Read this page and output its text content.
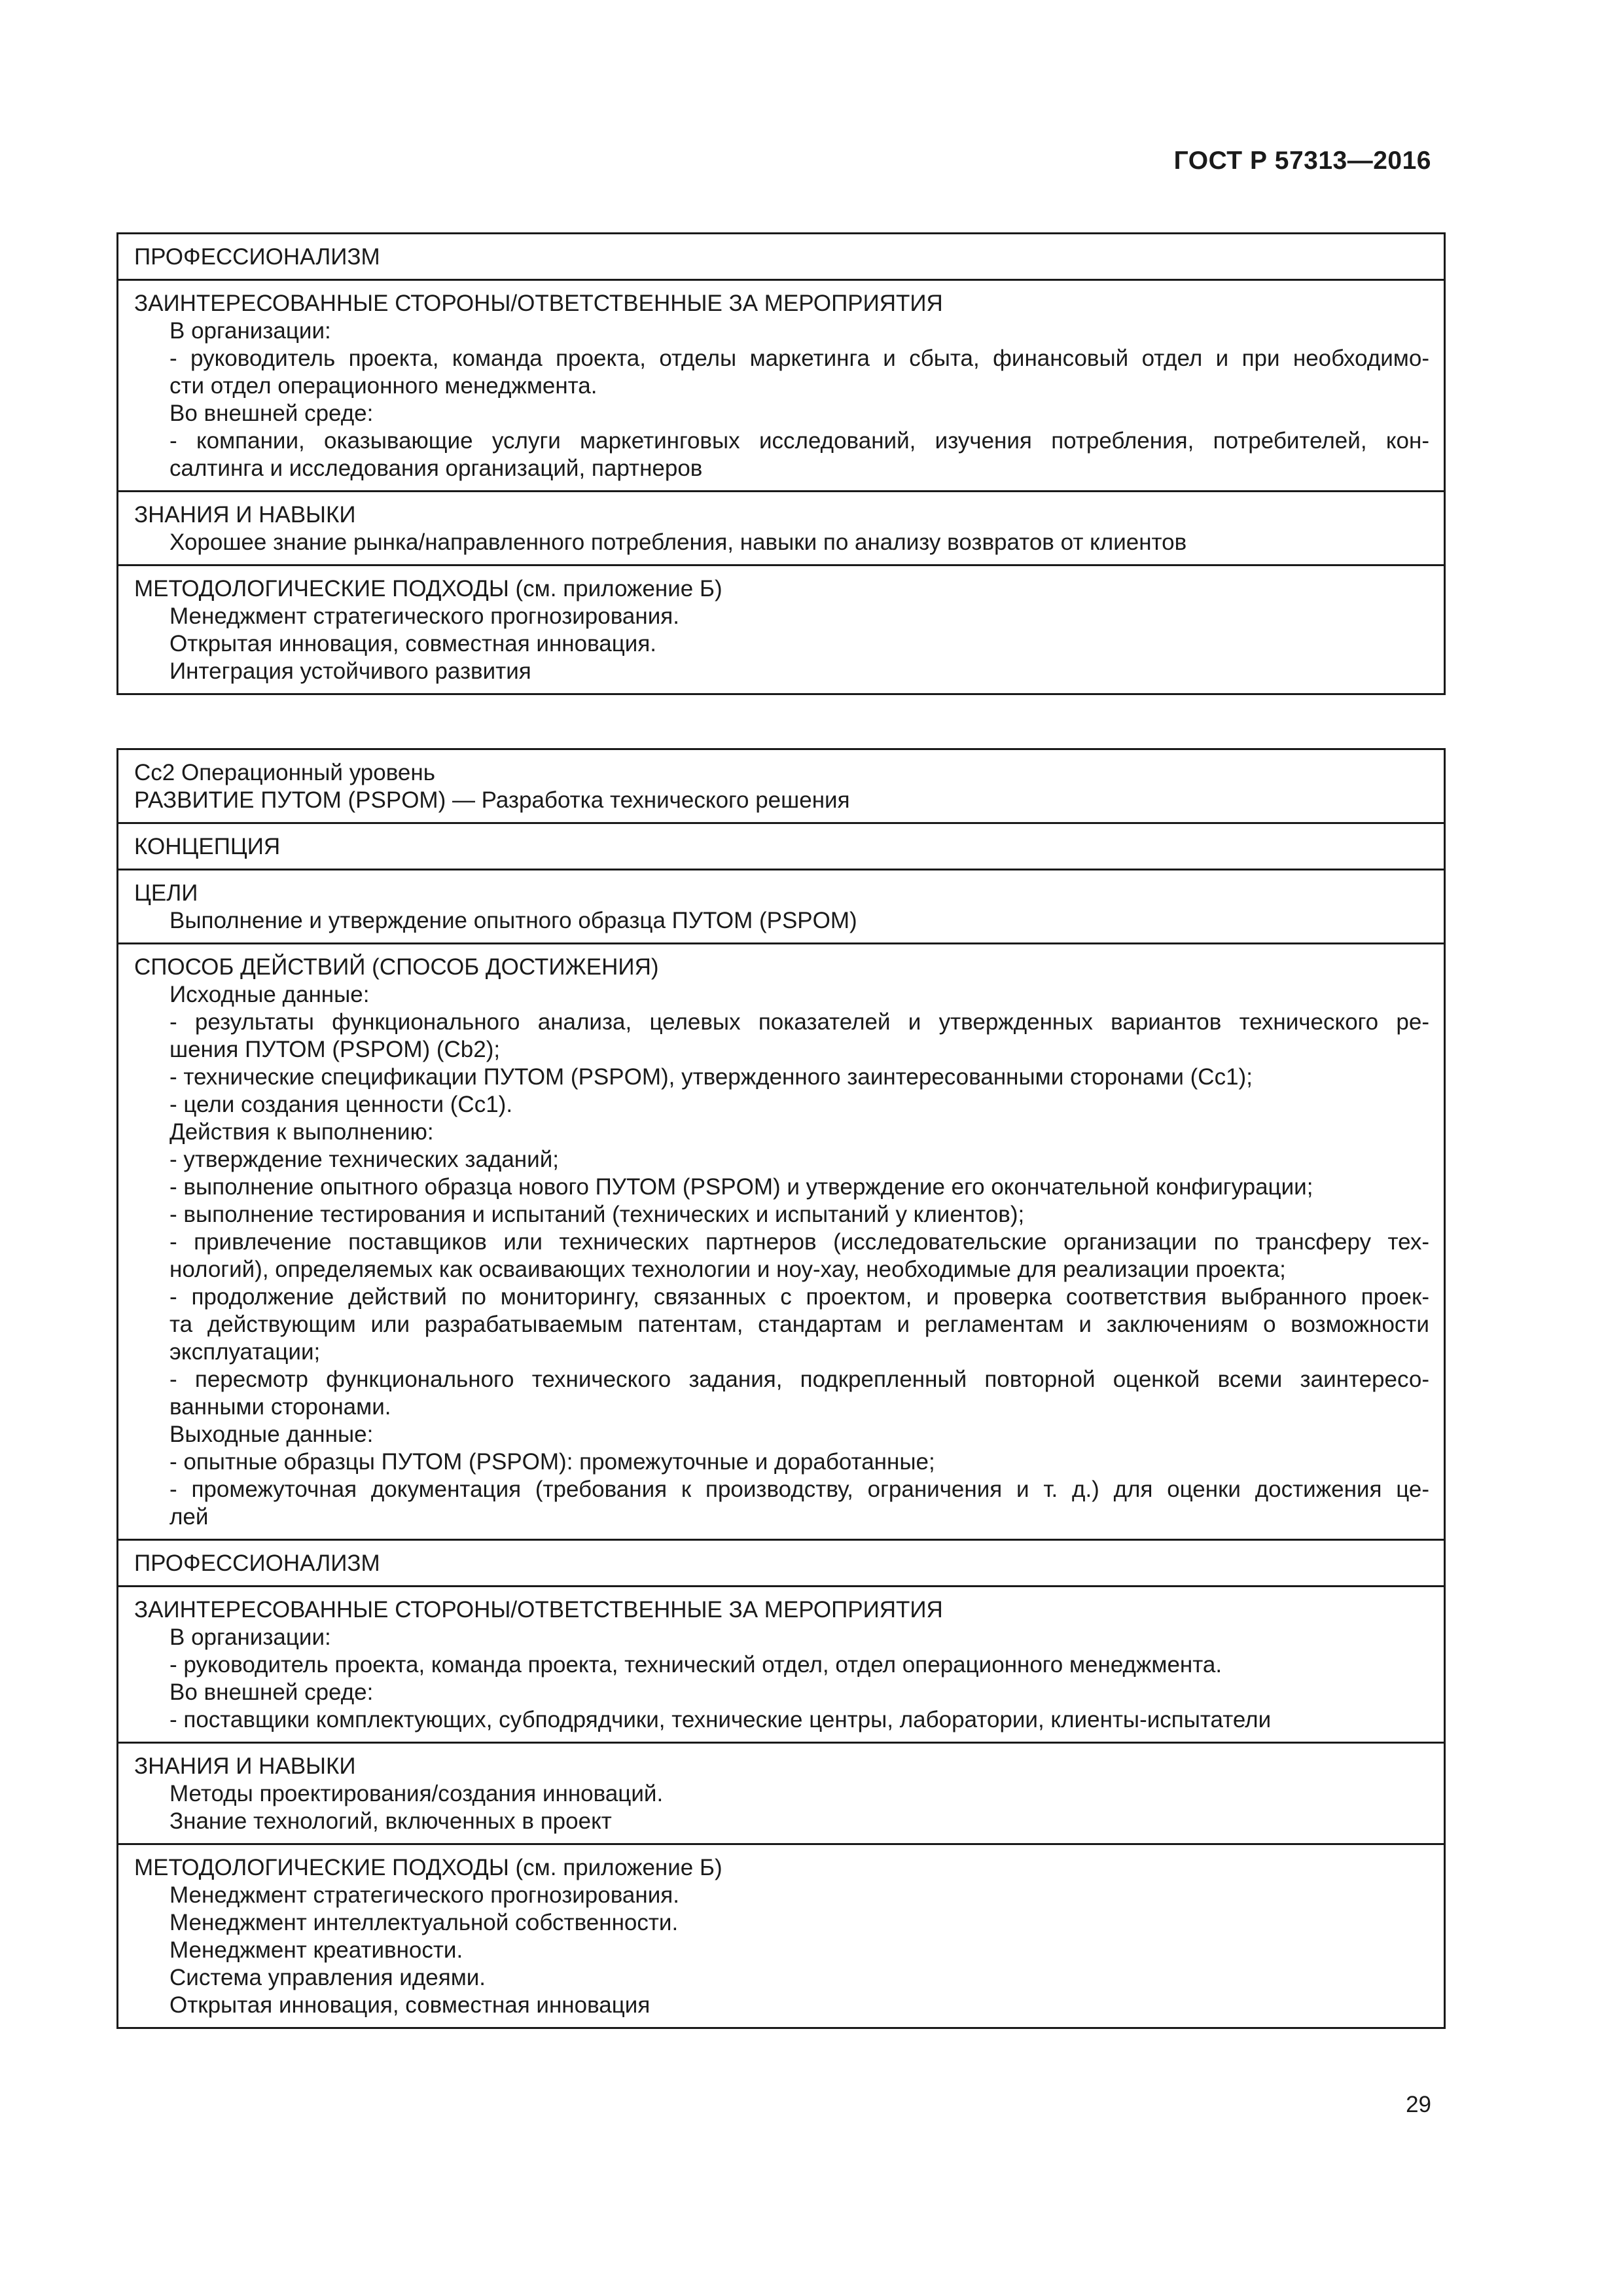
ГОСТ Р 57313—2016
ПРОФЕССИОНАЛИЗМ
ЗАИНТЕРЕСОВАННЫЕ СТОРОНЫ/ОТВЕТСТВЕННЫЕ ЗА МЕРОПРИЯТИЯ
В организации:
- руководитель проекта, команда проекта, отделы маркетинга и сбыта, финансовый отдел и при необходимо-
сти отдел операционного менеджмента.
Во внешней среде:
- компании, оказывающие услуги маркетинговых исследований, изучения потребления, потребителей, кон-
салтинга и исследования организаций, партнеров
ЗНАНИЯ И НАВЫКИ
Хорошее знание рынка/направленного потребления, навыки по анализу возвратов от клиентов
МЕТОДОЛОГИЧЕСКИЕ ПОДХОДЫ (см. приложение Б)
Менеджмент стратегического прогнозирования.
Открытая инновация, совместная инновация.
Интеграция устойчивого развития
Cc2 Операционный уровень
РАЗВИТИЕ ПУТОМ (PSPOM) — Разработка технического решения
КОНЦЕПЦИЯ
ЦЕЛИ
Выполнение и утверждение опытного образца ПУТОМ (PSPOM)
СПОСОБ ДЕЙСТВИЙ (СПОСОБ ДОСТИЖЕНИЯ)
Исходные данные:
- результаты функционального анализа, целевых показателей и утвержденных вариантов технического ре-
шения ПУТОМ (PSPOM) (Cb2);
- технические спецификации ПУТОМ (PSPOM), утвержденного заинтересованными сторонами (Cc1);
- цели создания ценности (Cc1).
Действия к выполнению:
- утверждение технических заданий;
- выполнение опытного образца нового ПУТОМ (PSPOM) и утверждение его окончательной конфигурации;
- выполнение тестирования и испытаний (технических и испытаний у клиентов);
- привлечение поставщиков или технических партнеров (исследовательские организации по трансферу тех-
нологий), определяемых как осваивающих технологии и ноу-хау, необходимые для реализации проекта;
- продолжение действий по мониторингу, связанных с проектом, и проверка соответствия выбранного проек-
та действующим или разрабатываемым патентам, стандартам и регламентам и заключениям о возможности
эксплуатации;
- пересмотр функционального технического задания, подкрепленный повторной оценкой всеми заинтересо-
ванными сторонами.
Выходные данные:
- опытные образцы ПУТОМ (PSPOM): промежуточные и доработанные;
- промежуточная документация (требования к производству, ограничения и т. д.) для оценки достижения це-
лей
ПРОФЕССИОНАЛИЗМ
ЗАИНТЕРЕСОВАННЫЕ СТОРОНЫ/ОТВЕТСТВЕННЫЕ ЗА МЕРОПРИЯТИЯ
В организации:
- руководитель проекта, команда проекта, технический отдел, отдел операционного менеджмента.
Во внешней среде:
- поставщики комплектующих, субподрядчики, технические центры, лаборатории, клиенты-испытатели
ЗНАНИЯ И НАВЫКИ
Методы проектирования/создания инноваций.
Знание технологий, включенных в проект
МЕТОДОЛОГИЧЕСКИЕ ПОДХОДЫ (см. приложение Б)
Менеджмент стратегического прогнозирования.
Менеджмент интеллектуальной собственности.
Менеджмент креативности.
Система управления идеями.
Открытая инновация, совместная инновация
29
